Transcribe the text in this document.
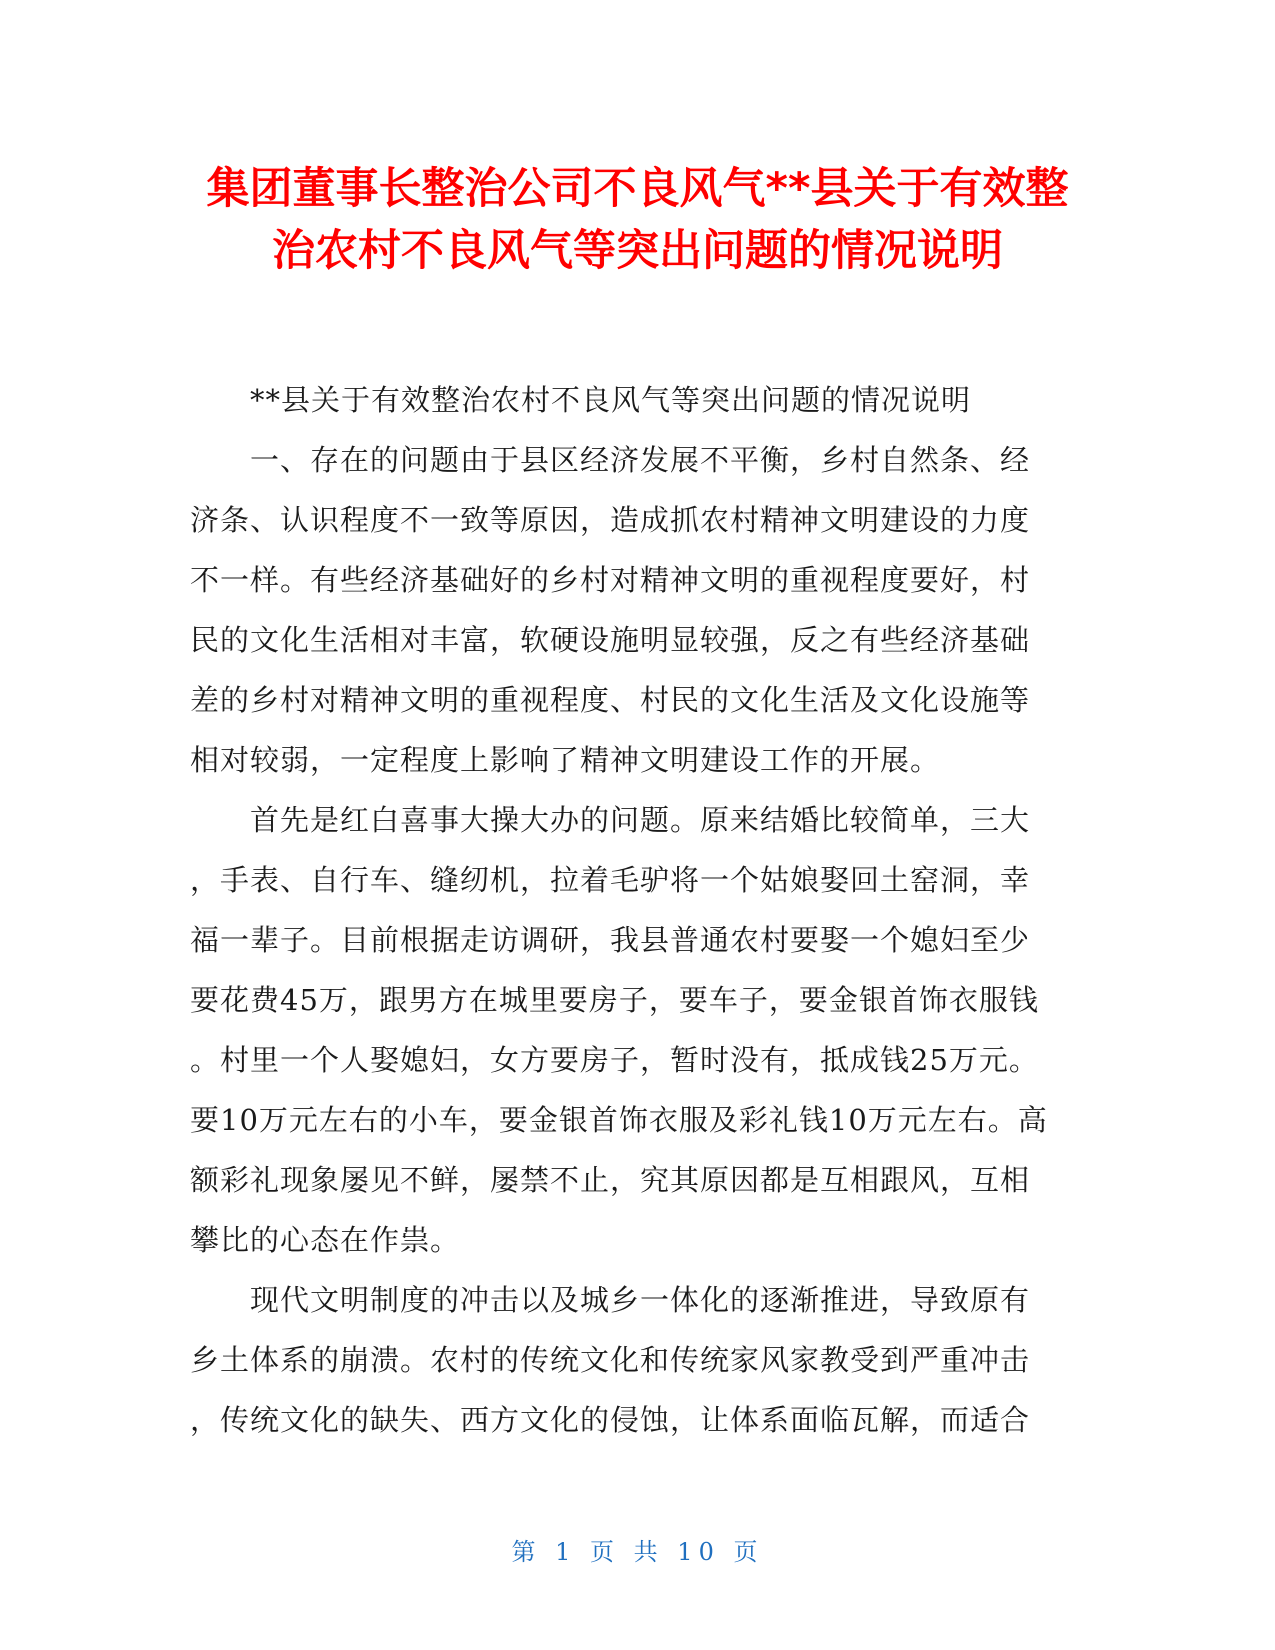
集团董事长整治公司不良风气**县关于有效整
治农村不良风气等突出问题的情况说明
**县关于有效整治农村不良风气等突出问题的情况说明
一、存在的问题由于县区经济发展不平衡，乡村自然条、经
济条、认识程度不一致等原因，造成抓农村精神文明建设的力度
不一样。有些经济基础好的乡村对精神文明的重视程度要好，村
民的文化生活相对丰富，软硬设施明显较强，反之有些经济基础
差的乡村对精神文明的重视程度、村民的文化生活及文化设施等
相对较弱，一定程度上影响了精神文明建设工作的开展。
首先是红白喜事大操大办的问题。原来结婚比较简单，三大
，手表、自行车、缝纫机，拉着毛驴将一个姑娘娶回土窑洞，幸
福一辈子。目前根据走访调研，我县普通农村要娶一个媳妇至少
要花费45万，跟男方在城里要房子，要车子，要金银首饰衣服钱
。村里一个人娶媳妇，女方要房子，暂时没有，抵成钱25万元。
要10万元左右的小车，要金银首饰衣服及彩礼钱10万元左右。高
额彩礼现象屡见不鲜，屡禁不止，究其原因都是互相跟风，互相
攀比的心态在作祟。
现代文明制度的冲击以及城乡一体化的逐渐推进，导致原有
乡土体系的崩溃。农村的传统文化和传统家风家教受到严重冲击
，传统文化的缺失、西方文化的侵蚀，让体系面临瓦解，而适合
第 1 页 共 10 页
